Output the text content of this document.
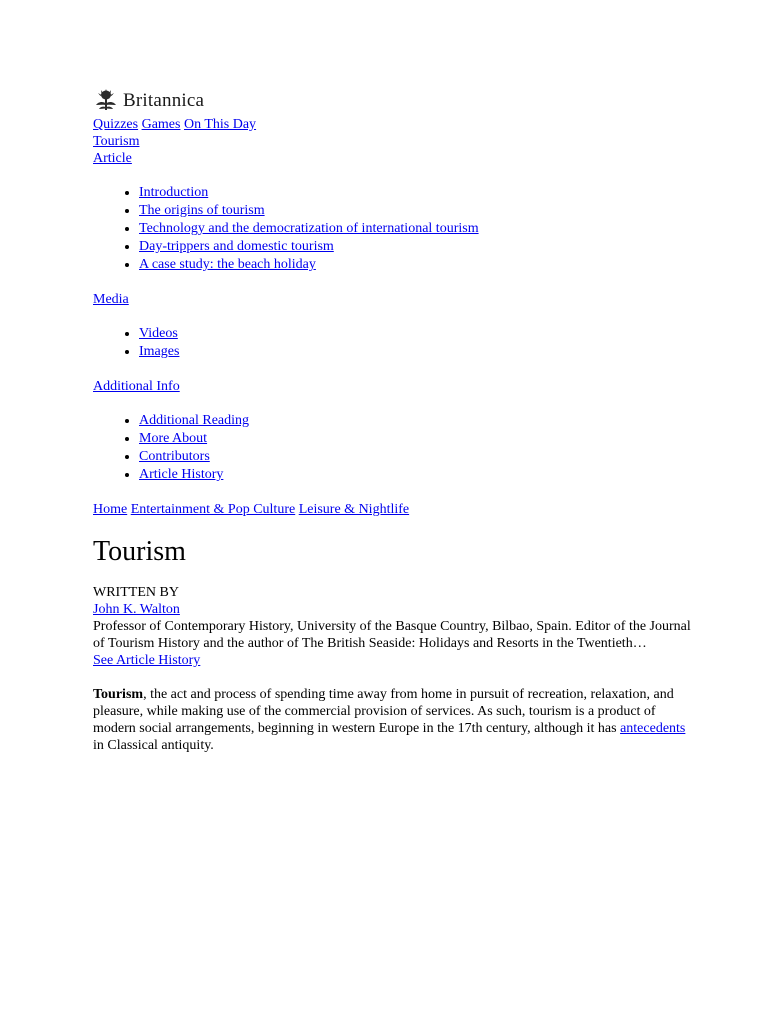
Britannica
Quizzes Games On This Day
Tourism
Article
• Introduction
• The origins of tourism
• Technology and the democratization of international tourism
• Day-trippers and domestic tourism
• A case study: the beach holiday
Media
• Videos
• Images
Additional Info
• Additional Reading
• More About
• Contributors
• Article History
Home Entertainment & Pop Culture Leisure & Nightlife
Tourism
WRITTEN BY
John K. Walton
Professor of Contemporary History, University of the Basque Country, Bilbao, Spain. Editor of the Journal of Tourism History and the author of The British Seaside: Holidays and Resorts in the Twentieth…
See Article History

Tourism, the act and process of spending time away from home in pursuit of recreation, relaxation, and pleasure, while making use of the commercial provision of services. As such, tourism is a product of modern social arrangements, beginning in western Europe in the 17th century, although it has antecedents in Classical antiquity.
